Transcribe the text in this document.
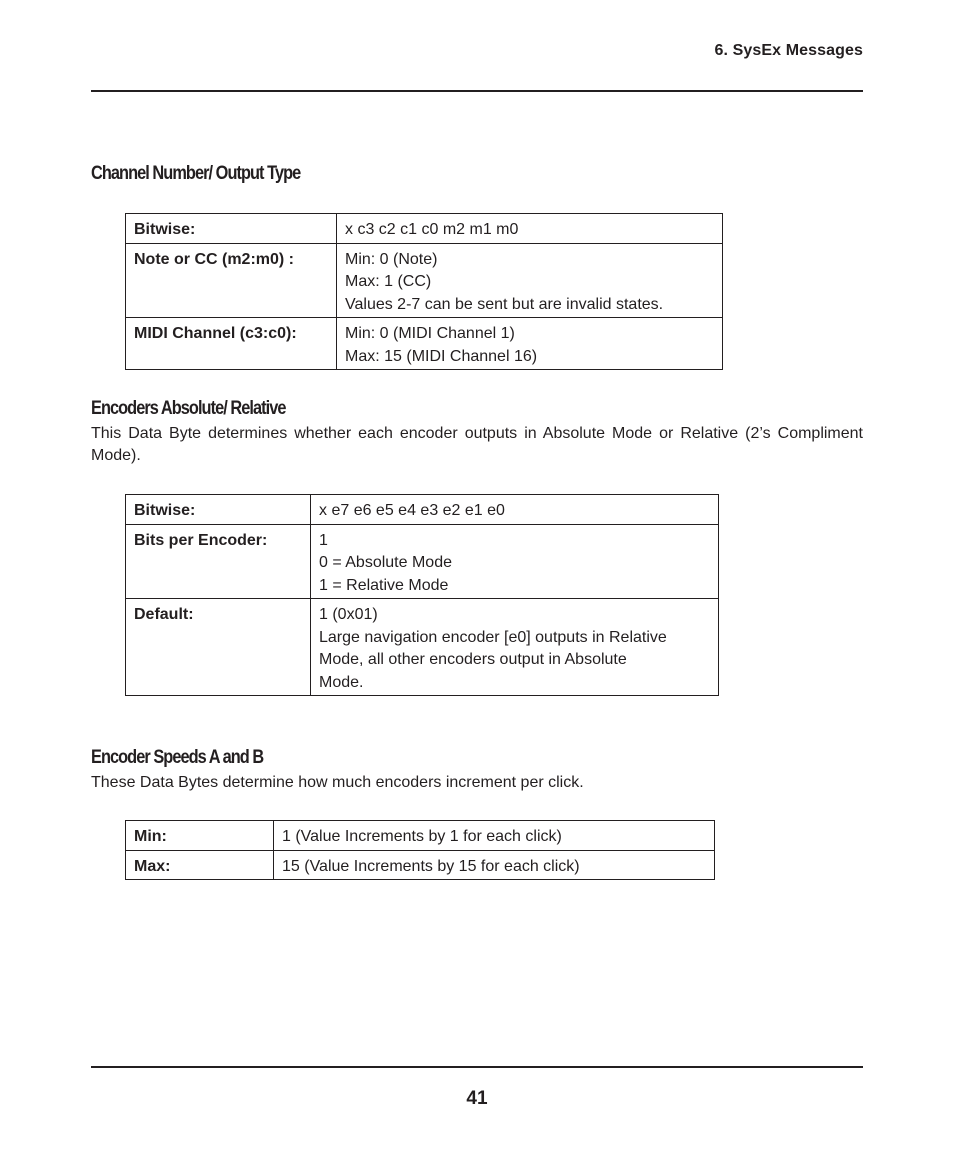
6. SysEx Messages
Channel Number/ Output Type
Bitwise:	x c3 c2 c1 c0 m2 m1 m0

Note or CC (m2:m0) :	Min: 0 (Note)
Max: 1 (CC)
Values 2-7 can be sent but are invalid states.

MIDI Channel (c3:c0):	Min: 0 (MIDI Channel 1)
Max: 15 (MIDI Channel 16)
Encoders Absolute/ Relative

This Data Byte determines whether each encoder outputs in Absolute Mode or Relative (2’s Compliment Mode).

Bitwise:	x e7 e6 e5 e4 e3 e2 e1 e0

Bits per Encoder:	1
0 = Absolute Mode
1 = Relative Mode

Default:	1 (0x01)
Large navigation encoder [e0] outputs in Relative
Mode, all other encoders output in Absolute
Mode.
Encoder Speeds A and B

These Data Bytes determine how much encoders increment per click.

Min:	1 (Value Increments by 1 for each click)

Max:	15 (Value Increments by 15 for each click)
41
